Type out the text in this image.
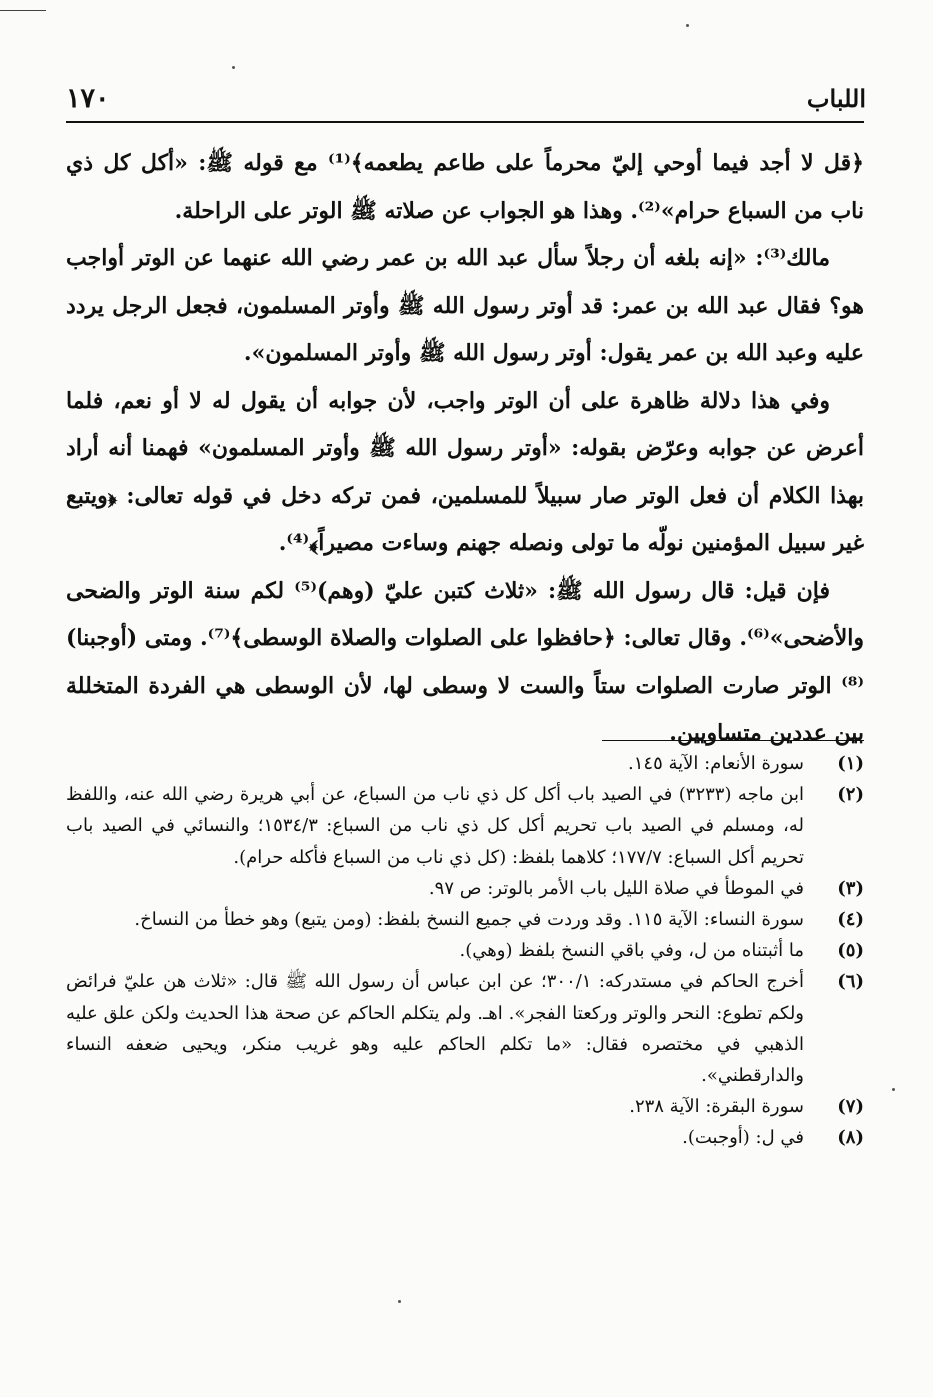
١٧٠	اللباب

﴿قل لا أجد فيما أوحي إليّ محرماً على طاعم يطعمه﴾⁽¹⁾ مع قوله ﷺ: «أكل كل ذي ناب من السباع حرام»⁽²⁾. وهذا هو الجواب عن صلاته ﷺ الوتر على الراحلة.

مالك⁽³⁾: «إنه بلغه أن رجلاً سأل عبد الله بن عمر رضي الله عنهما عن الوتر أواجب هو؟ فقال عبد الله بن عمر: قد أوتر رسول الله ﷺ وأوتر المسلمون، فجعل الرجل يردد عليه وعبد الله بن عمر يقول: أوتر رسول الله ﷺ وأوتر المسلمون».

وفي هذا دلالة ظاهرة على أن الوتر واجب، لأن جوابه أن يقول له لا أو نعم، فلما أعرض عن جوابه وعرّض بقوله: «أوتر رسول الله ﷺ وأوتر المسلمون» فهمنا أنه أراد بهذا الكلام أن فعل الوتر صار سبيلاً للمسلمين، فمن تركه دخل في قوله تعالى: ﴿ويتبع غير سبيل المؤمنين نولّه ما تولى ونصله جهنم وساءت مصيراً﴾⁽⁴⁾.

فإن قيل: قال رسول الله ﷺ: «ثلاث كتبن عليّ (وهم)⁽⁵⁾ لكم سنة الوتر والضحى والأضحى»⁽⁶⁾. وقال تعالى: ﴿حافظوا على الصلوات والصلاة الوسطى﴾⁽⁷⁾. ومتى (أوجبنا)⁽⁸⁾ الوتر صارت الصلوات ستاً والست لا وسطى لها، لأن الوسطى هي الفردة المتخللة بين عددين متساويين.

(١)
سورة الأنعام: الآية ١٤٥.
(٢)
ابن ماجه (٣٢٣٣) في الصيد باب أكل كل ذي ناب من السباع، عن أبي هريرة رضي الله عنه، واللفظ له، ومسلم في الصيد باب تحريم أكل كل ذي ناب من السباع: ١٥٣٤/٣؛ والنسائي في الصيد باب تحريم أكل السباع: ١٧٧/٧؛ كلاهما بلفظ: (كل ذي ناب من السباع فأكله حرام).
(٣)
في الموطأ في صلاة الليل باب الأمر بالوتر: ص ٩٧.
(٤)
سورة النساء: الآية ١١٥. وقد وردت في جميع النسخ بلفظ: (ومن يتبع) وهو خطأ من النساخ.
(٥)
ما أثبتناه من ل، وفي باقي النسخ بلفظ (وهي).
(٦)
أخرج الحاكم في مستدركه: ٣٠٠/١؛ عن ابن عباس أن رسول الله ﷺ قال: «ثلاث هن عليّ فرائض ولكم تطوع: النحر والوتر وركعتا الفجر». اهـ. ولم يتكلم الحاكم عن صحة هذا الحديث ولكن علق عليه الذهبي في مختصره فقال: «ما تكلم الحاكم عليه وهو غريب منكر، ويحيى ضعفه النساء والدارقطني».
(٧)
سورة البقرة: الآية ٢٣٨.
(٨)
في ل: (أوجبت).
